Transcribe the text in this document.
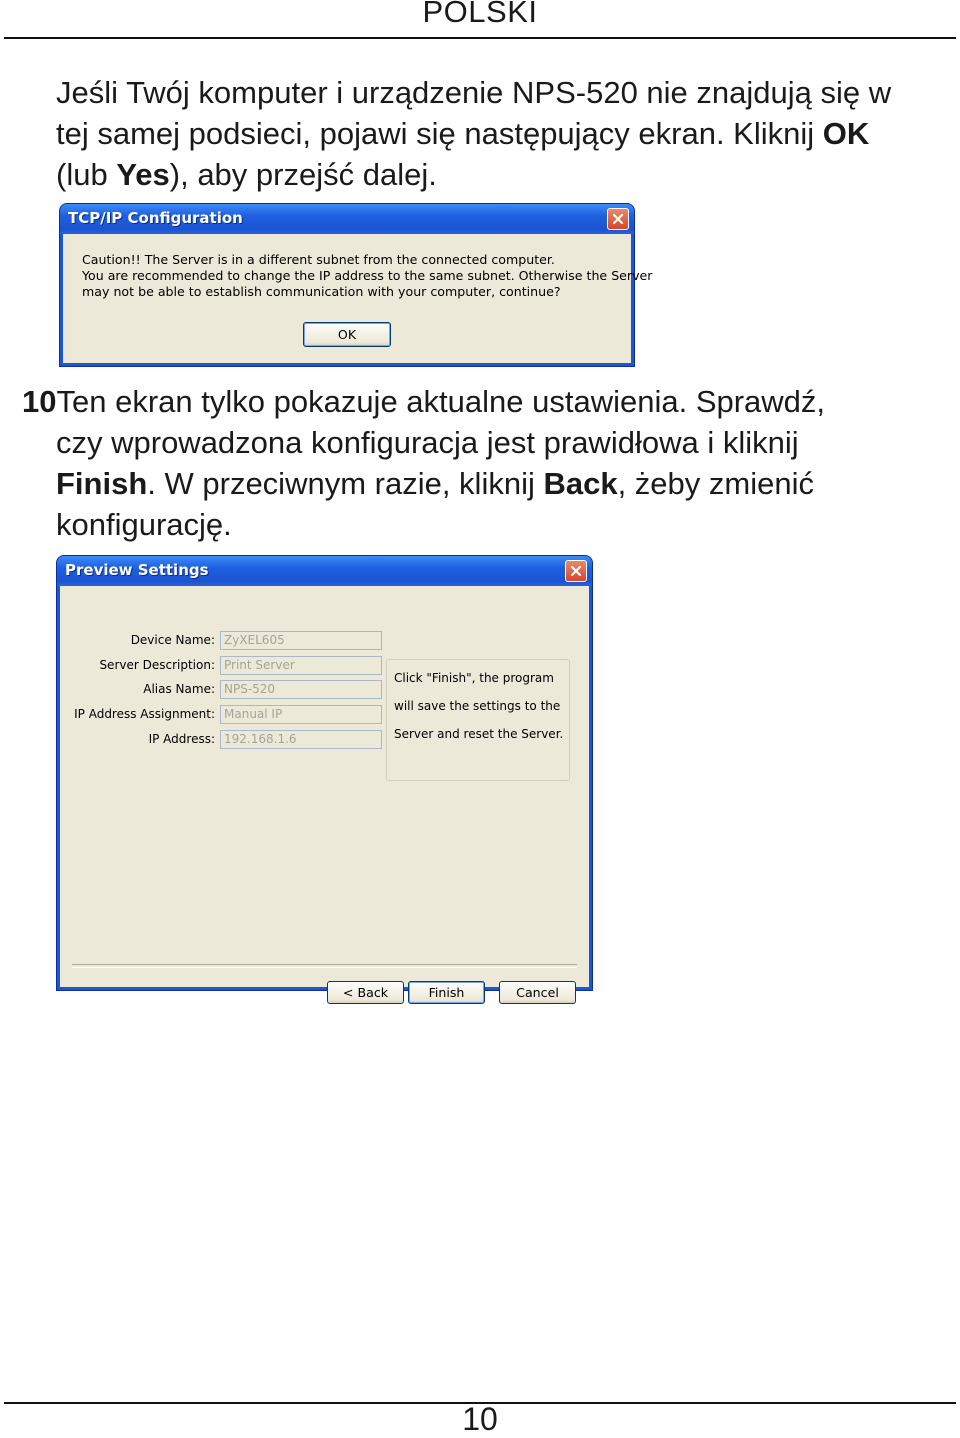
POLSKI

Jeśli Twój komputer i urządzenie NPS-520 nie znajdują się w
tej samej podsieci, pojawi się następujący ekran. Kliknij OK
(lub Yes), aby przejść dalej.

TCP/IP Configuration
Caution!! The Server is in a different subnet from the connected computer.
You are recommended to change the IP address to the same subnet. Otherwise the Server
may not be able to establish communication with your computer, continue?
OK

10Ten ekran tylko pokazuje aktualne ustawienia. Sprawdź,
czy wprowadzona konfiguracja jest prawidłowa i kliknij
Finish. W przeciwnym razie, kliknij Back, żeby zmienić
konfigurację.

Preview Settings
Device Name: ZyXEL605
Server Description: Print Server
Alias Name: NPS-520
IP Address Assignment: Manual IP
IP Address: 192.168.1.6
Click "Finish", the program
will save the settings to the
Server and reset the Server.
< Back	Finish	Cancel
10
